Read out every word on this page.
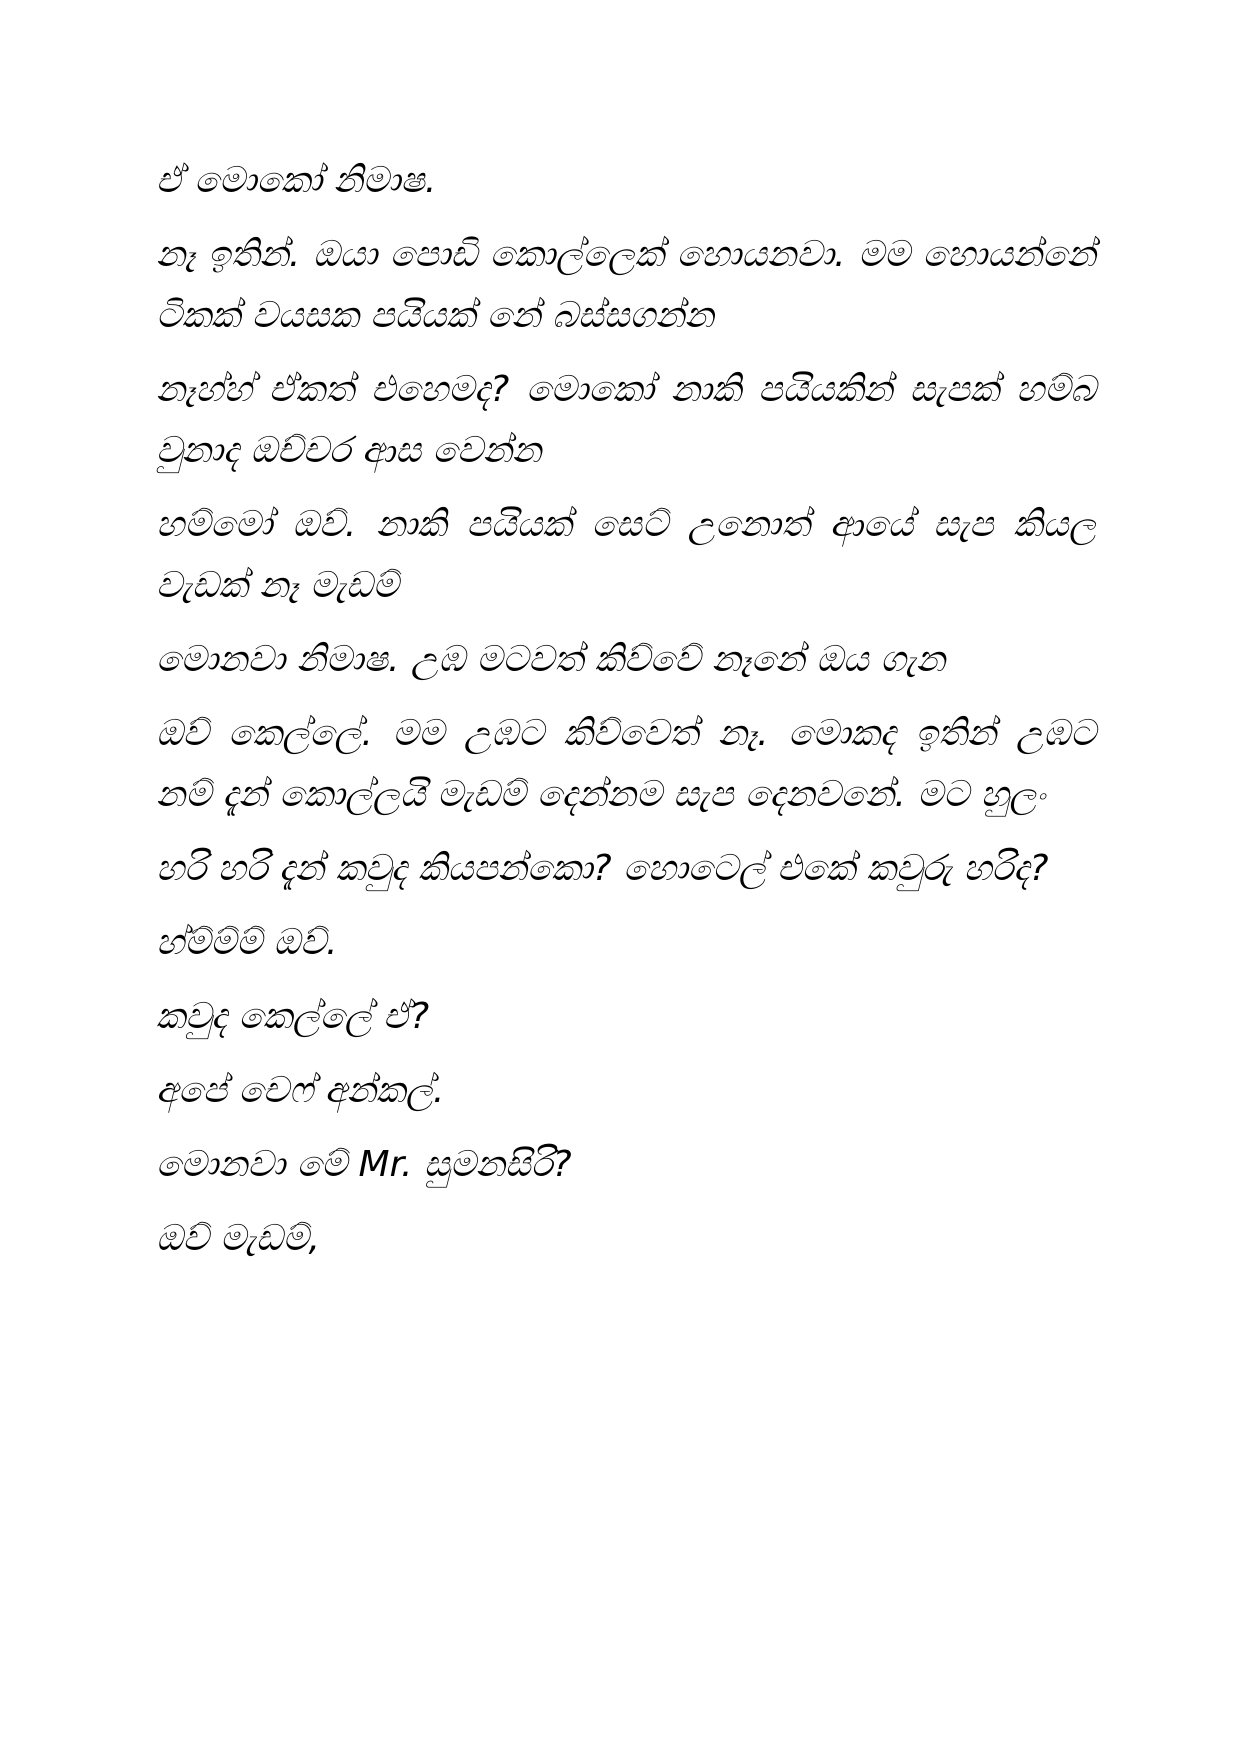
ඒ මොකෝ නිමාෂ.

නෑ ඉතින්. ඔයා පොඩි කොල්ලෙක් හොයනවා. මම හොයන්නේ ටිකක් වයසක පයියක් නේ බස්සගන්න

නෑහ්හ් ඒකත් එහෙමද? මොකෝ නාකි පයියකින් සැපක් හම්බ වුනාද ඔච්චර ආස වෙන්න

හම්මෝ ඔව්. නාකි පයියක් සෙට් උනොත් ආයේ සැප කියල වැඩක් නෑ මැඩම්

මොනවා නිමාෂ. උඹ මටවත් කිව්වේ නෑනේ ඔය ගැන

ඔව් කෙල්ලේ. මම උඹට කිව්වෙත් නෑ. මොකද ඉතින් උඹට නම් දැන් කොල්ලයි මැඩම් දෙන්නම සැප දෙනවනේ. මට හුලං

හරි හරි දැන් කවුද කියපන්කො? හොටෙල් එකේ කවුරු හරිද?

හ්ම්ම්ම් ඔව්.

කවුද කෙල්ලේ ඒ?

අපේ චෙෆ් අන්කල්.

මොනවා මේ Mr. සුමනසිරි?

ඔව් මැඩම්,
